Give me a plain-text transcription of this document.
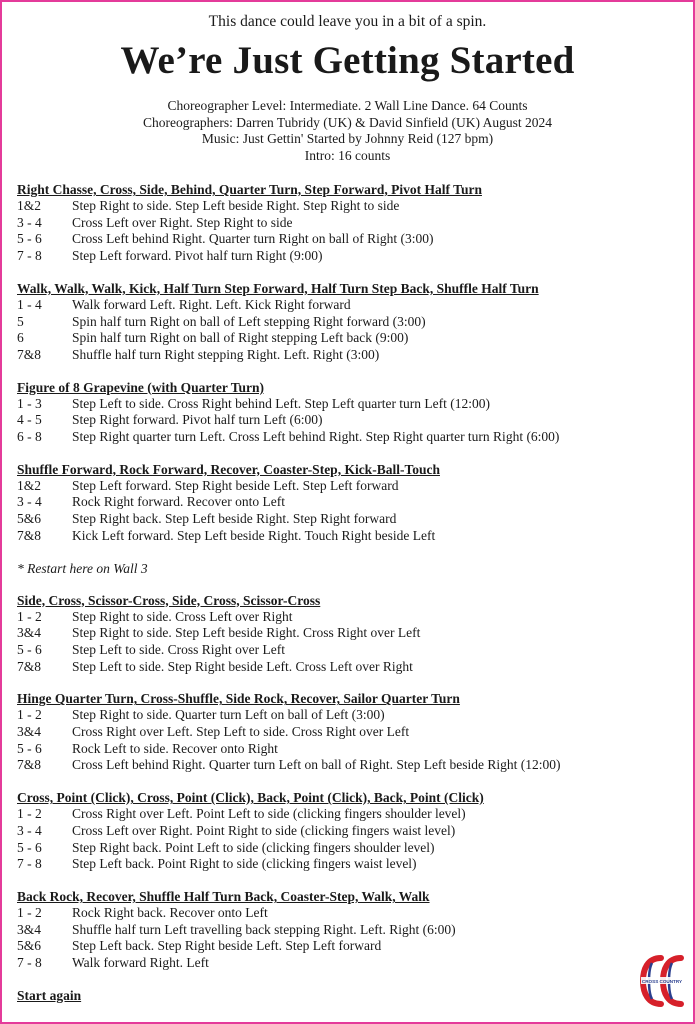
This dance could leave you in a bit of a spin.
We’re Just Getting Started
Choreographer Level: Intermediate. 2 Wall Line Dance. 64 Counts
Choreographers: Darren Tubridy (UK) & David Sinfield (UK) August 2024
Music: Just Gettin' Started by Johnny Reid (127 bpm)
Intro: 16 counts
Right Chasse, Cross, Side, Behind, Quarter Turn, Step Forward, Pivot Half Turn
1&2	Step Right to side. Step Left beside Right. Step Right to side
3 - 4	Cross Left over Right. Step Right to side
5 - 6	Cross Left behind Right. Quarter turn Right on ball of Right (3:00)
7 - 8	Step Left forward. Pivot half turn Right (9:00)
Walk, Walk, Walk, Kick, Half Turn Step Forward, Half Turn Step Back, Shuffle Half Turn
1 - 4	Walk forward Left. Right. Left. Kick Right forward
5	Spin half turn Right on ball of Left stepping Right forward (3:00)
6	Spin half turn Right on ball of Right stepping Left back (9:00)
7&8	Shuffle half turn Right stepping Right. Left. Right (3:00)
Figure of 8 Grapevine (with Quarter Turn)
1 - 3	Step Left to side. Cross Right behind Left. Step Left quarter turn Left (12:00)
4 - 5	Step Right forward. Pivot half turn Left (6:00)
6 - 8	Step Right quarter turn Left. Cross Left behind Right. Step Right quarter turn Right (6:00)
Shuffle Forward, Rock Forward, Recover, Coaster-Step, Kick-Ball-Touch
1&2	Step Left forward. Step Right beside Left. Step Left forward
3 - 4	Rock Right forward. Recover onto Left
5&6	Step Right back. Step Left beside Right. Step Right forward
7&8	Kick Left forward. Step Left beside Right. Touch Right beside Left
* Restart here on Wall 3
Side, Cross, Scissor-Cross, Side, Cross, Scissor-Cross
1 - 2	Step Right to side. Cross Left over Right
3&4	Step Right to side. Step Left beside Right. Cross Right over Left
5 - 6	Step Left to side. Cross Right over Left
7&8	Step Left to side. Step Right beside Left. Cross Left over Right
Hinge Quarter Turn, Cross-Shuffle, Side Rock, Recover, Sailor Quarter Turn
1 - 2	Step Right to side. Quarter turn Left on ball of Left (3:00)
3&4	Cross Right over Left. Step Left to side. Cross Right over Left
5 - 6	Rock Left to side. Recover onto Right
7&8	Cross Left behind Right. Quarter turn Left on ball of Right. Step Left beside Right (12:00)
Cross, Point (Click), Cross, Point (Click), Back, Point (Click), Back, Point (Click)
1 - 2	Cross Right over Left. Point Left to side (clicking fingers shoulder level)
3 - 4	Cross Left over Right. Point Right to side (clicking fingers waist level)
5 - 6	Step Right back. Point Left to side (clicking fingers shoulder level)
7 - 8	Step Left back. Point Right to side (clicking fingers waist level)
Back Rock, Recover, Shuffle Half Turn Back, Coaster-Step, Walk, Walk
1 - 2	Rock Right back. Recover onto Left
3&4	Shuffle half turn Left travelling back stepping Right. Left. Right (6:00)
5&6	Step Left back. Step Right beside Left. Step Left forward
7 - 8	Walk forward Right. Left
Start again
CROSS COUNTRY
